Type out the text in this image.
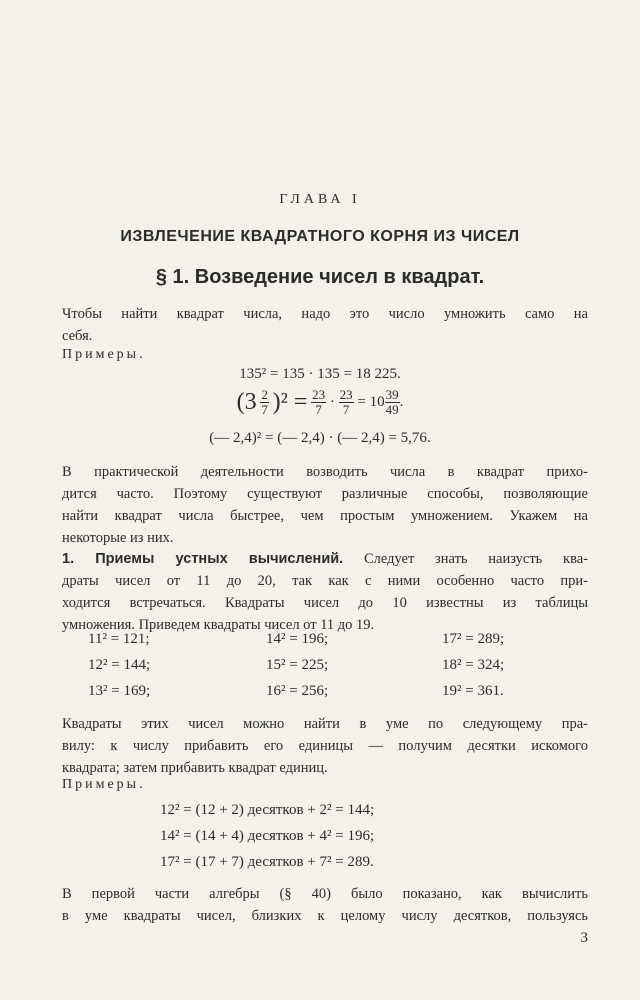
ГЛАВА I
ИЗВЛЕЧЕНИЕ КВАДРАТНОГО КОРНЯ ИЗ ЧИСЕЛ
§ 1. Возведение чисел в квадрат.
Чтобы найти квадрат числа, надо это число умножить само на
себя.
Примеры.
135² = 135 · 135 = 18 225.
$(3 \frac{2}{7} )^2 = \frac{23}{7} \cdot \frac{23}{7} = 10 \frac{39}{49}$ .
(— 2,4)² = (— 2,4) · (— 2,4) = 5,76.
В практической деятельности возводить числа в квадрат прихо-
дится часто. Поэтому существуют различные способы, позволяющие
найти квадрат числа быстрее, чем простым умножением. Укажем на
некоторые из них.
1. Приемы устных вычислений. Следует знать наизусть ква-
драты чисел от 11 до 20, так как с ними особенно часто при-
ходится встречаться. Квадраты чисел до 10 известны из таблицы
умножения. Приведем квадраты чисел от 11 до 19.
11² = 121;	14² = 196;	17² = 289;
12² = 144;	15² = 225;	18² = 324;
13² = 169;	16² = 256;	19² = 361.
Квадраты этих чисел можно найти в уме по следующему пра-
вилу: к числу прибавить его единицы — получим десятки искомого
квадрата; затем прибавить квадрат единиц.
Примеры.
12² = (12 + 2) десятков + 2² = 144;
14² = (14 + 4) десятков + 4² = 196;
17² = (17 + 7) десятков + 7² = 289.
В первой части алгебры (§ 40) было показано, как вычислить
в уме квадраты чисел, близких к целому числу десятков, пользуясь
3
